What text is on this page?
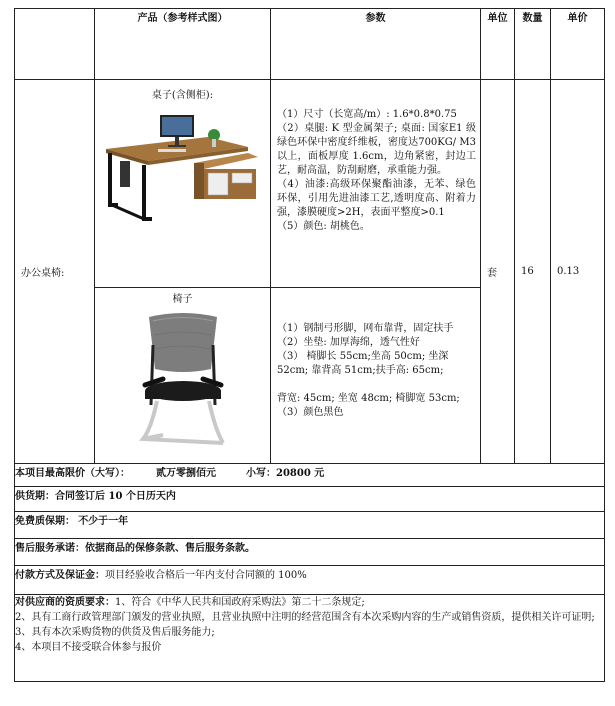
	产品（参考样式图）	参数	单位	数量	单价
办公桌椅:	桌子(含侧柜):	（1）尺寸（长宽高/m）: 1.6*0.8*0.75

（2）桌腿: K 型金属架子; 桌面: 国家E1 级绿色环保中密度纤维板，密度达700KG/ M3 以上，面板厚度 1.6cm，边角紧密，封边工艺，耐高温，防刮耐磨，承重能力强。

（4）油漆:高级环保聚酯油漆，无苯、绿色环保，引用先进油漆工艺,透明度高、附着力强，漆膜硬度>2H，表面平整度>0.1

（5）颜色: 胡桃色。	套	16	0.13

	椅子	（1）钢制弓形脚，网布靠背，固定扶手

（2）坐垫: 加厚海绵，透气性好

（3） 椅脚长 55cm;坐高 50cm; 坐深 52cm; 靠背高 51cm;扶手高: 65cm;

背宽: 45cm; 坐宽 48cm; 椅脚宽 53cm;

（3）颜色黑色			

本项目最高限价（大写）： 贰万零捌佰元 小写：20800 元					
供货期：合同签订后 10 个日历天内					
免费质保期： 不少于一年					
售后服务承诺：依据商品的保修条款、售后服务条款。					
付款方式及保证金：项目经验收合格后一年内支付合同额的 100%					

对供应商的资质要求：1、符合《中华人民共和国政府采购法》第二十二条规定;
2、具有工商行政管理部门颁发的营业执照，且营业执照中注明的经营范围含有本次采购内容的生产或销售资质，提供相关许可证明;
3、具有本次采购货物的供货及售后服务能力;
4、本项目不接受联合体参与报价					
